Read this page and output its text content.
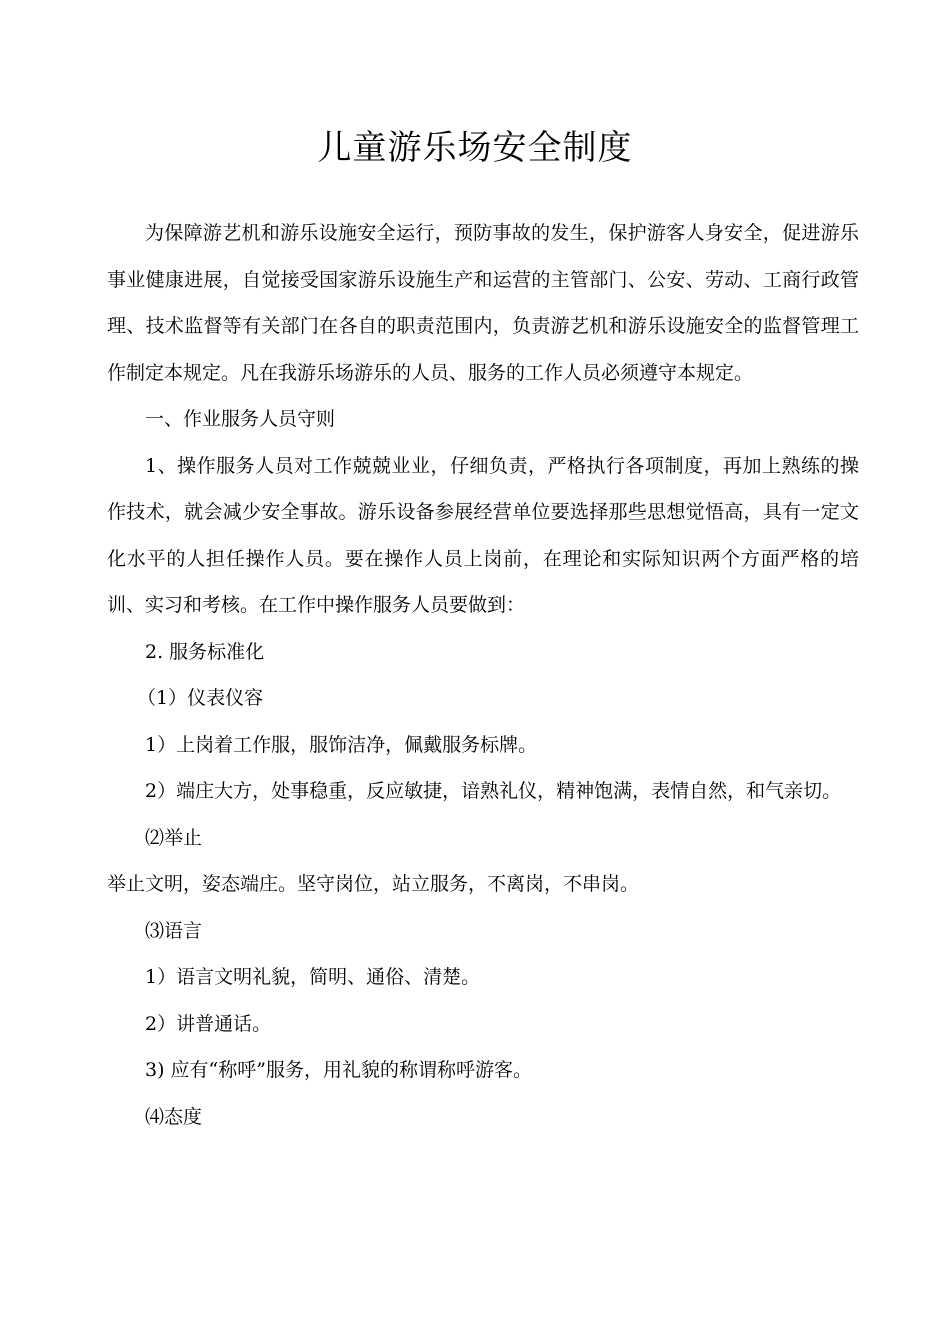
儿童游乐场安全制度

为保障游艺机和游乐设施安全运行，预防事故的发生，保护游客人身安全，促进游乐事业健康进展，自觉接受国家游乐设施生产和运营的主管部门、公安、劳动、工商行政管理、技术监督等有关部门在各自的职责范围内，负责游艺机和游乐设施安全的监督管理工作制定本规定。凡在我游乐场游乐的人员、服务的工作人员必须遵守本规定。

一、作业服务人员守则

1、操作服务人员对工作兢兢业业，仔细负责，严格执行各项制度，再加上熟练的操作技术，就会减少安全事故。游乐设备参展经营单位要选择那些思想觉悟高，具有一定文化水平的人担任操作人员。要在操作人员上岗前，在理论和实际知识两个方面严格的培训、实习和考核。在工作中操作服务人员要做到：

2. 服务标准化

（1）仪表仪容

1）上岗着工作服，服饰洁净，佩戴服务标牌。

2）端庄大方，处事稳重，反应敏捷，谙熟礼仪，精神饱满，表情自然，和气亲切。

⑵举止

举止文明，姿态端庄。坚守岗位，站立服务，不离岗，不串岗。

⑶语言

1）语言文明礼貌，简明、通俗、清楚。

2）讲普通话。

3) 应有“称呼”服务，用礼貌的称谓称呼游客。

⑷态度
